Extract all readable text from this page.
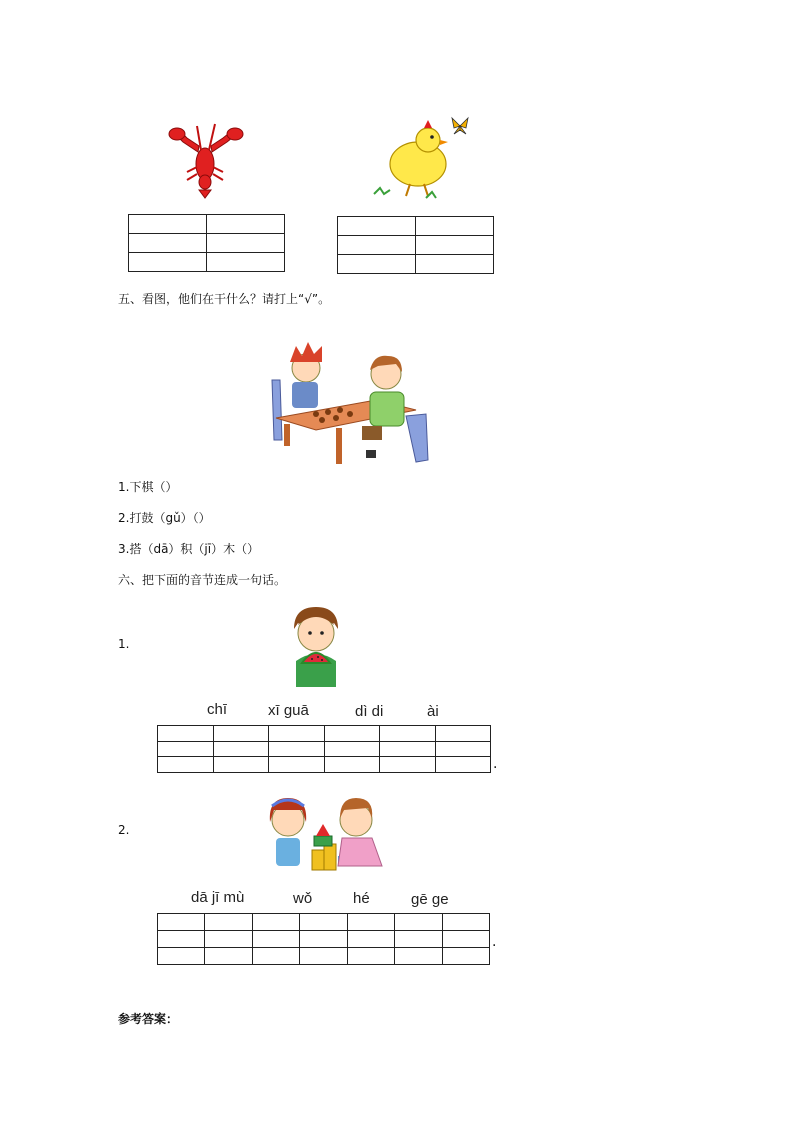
五、看图，他们在干什么？请打上“√”。
1.下棋（）
2.打鼓（gǔ）（）
3.搭（dā）积（jī）木（）
六、把下面的音节连成一句话。
1.
chī	xī guā	dì di	ài

.
2.
dā jī mù	wǒ	hé	gē ge

.
参考答案：
